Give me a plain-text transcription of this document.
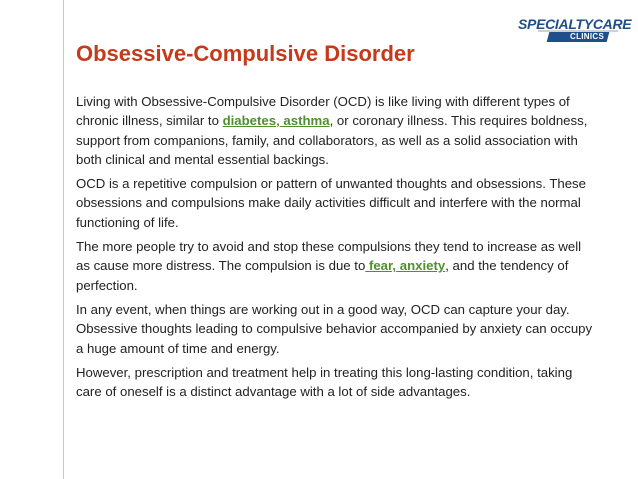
SPECIALTYCARE
CLINICS
Obsessive-Compulsive Disorder

Living with Obsessive-Compulsive Disorder (OCD) is like living with different types of chronic illness, similar to diabetes, asthma, or coronary illness. This requires boldness, support from companions, family, and collaborators, as well as a solid association with both clinical and mental essential backings.

OCD is a repetitive compulsion or pattern of unwanted thoughts and obsessions. These obsessions and compulsions make daily activities difficult and interfere with the normal functioning of life.

The more people try to avoid and stop these compulsions they tend to increase as well as cause more distress. The compulsion is due to fear, anxiety, and the tendency of perfection.

In any event, when things are working out in a good way, OCD can capture your day. Obsessive thoughts leading to compulsive behavior accompanied by anxiety can occupy a huge amount of time and energy.

However, prescription and treatment help in treating this long-lasting condition, taking care of oneself is a distinct advantage with a lot of side advantages.
